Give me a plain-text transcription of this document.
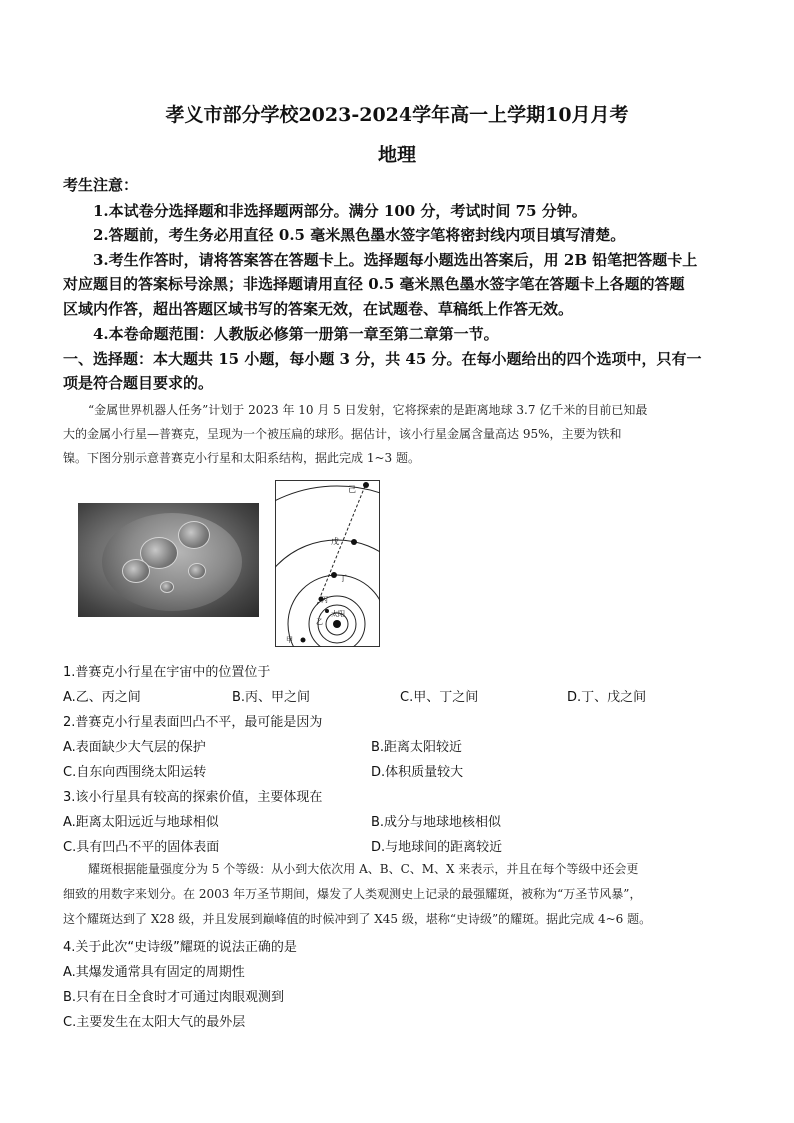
孝义市部分学校2023-2024学年高一上学期10月月考
地理
考生注意：
1.本试卷分选择题和非选择题两部分。满分 100 分，考试时间 75 分钟。
2.答题前，考生务必用直径 0.5 毫米黑色墨水签字笔将密封线内项目填写清楚。
3.考生作答时，请将答案答在答题卡上。选择题每小题选出答案后，用 2B 铅笔把答题卡上
对应题目的答案标号涂黑；非选择题请用直径 0.5 毫米黑色墨水签字笔在答题卡上各题的答题
区域内作答，超出答题区域书写的答案无效，在试题卷、草稿纸上作答无效。
4.本卷命题范围：人教版必修第一册第一章至第二章第一节。
一、选择题：本大题共 15 小题，每小题 3 分，共 45 分。在每小题给出的四个选项中，只有一
项是符合题目要求的。
“金属世界机器人任务”计划于 2023 年 10 月 5 日发射，它将探索的是距离地球 3.7 亿千米的目前已知最
大的金属小行星—普赛克，呈现为一个被压扁的球形。据估计，该小行星金属含量高达 95%，主要为铁和
镍。下图分别示意普赛克小行星和太阳系结构，据此完成 1~3 题。
己
戊
丁
丙
乙
太阳
甲
1.普赛克小行星在宇宙中的位置位于
A.乙、丙之间	B.丙、甲之间	C.甲、丁之间	D.丁、戊之间
2.普赛克小行星表面凹凸不平，最可能是因为
A.表面缺少大气层的保护	B.距离太阳较近
C.自东向西围绕太阳运转	D.体积质量较大
3.该小行星具有较高的探索价值，主要体现在
A.距离太阳远近与地球相似	B.成分与地球地核相似
C.具有凹凸不平的固体表面	D.与地球间的距离较近
耀斑根据能量强度分为 5 个等级：从小到大依次用 A、B、C、M、X 来表示，并且在每个等级中还会更
细致的用数字来划分。在 2003 年万圣节期间，爆发了人类观测史上记录的最强耀斑，被称为“万圣节风暴”，
这个耀斑达到了 X28 级，并且发展到巅峰值的时候冲到了 X45 级，堪称“史诗级”的耀斑。据此完成 4~6 题。
4.关于此次“史诗级”耀斑的说法正确的是
A.其爆发通常具有固定的周期性
B.只有在日全食时才可通过肉眼观测到
C.主要发生在太阳大气的最外层
